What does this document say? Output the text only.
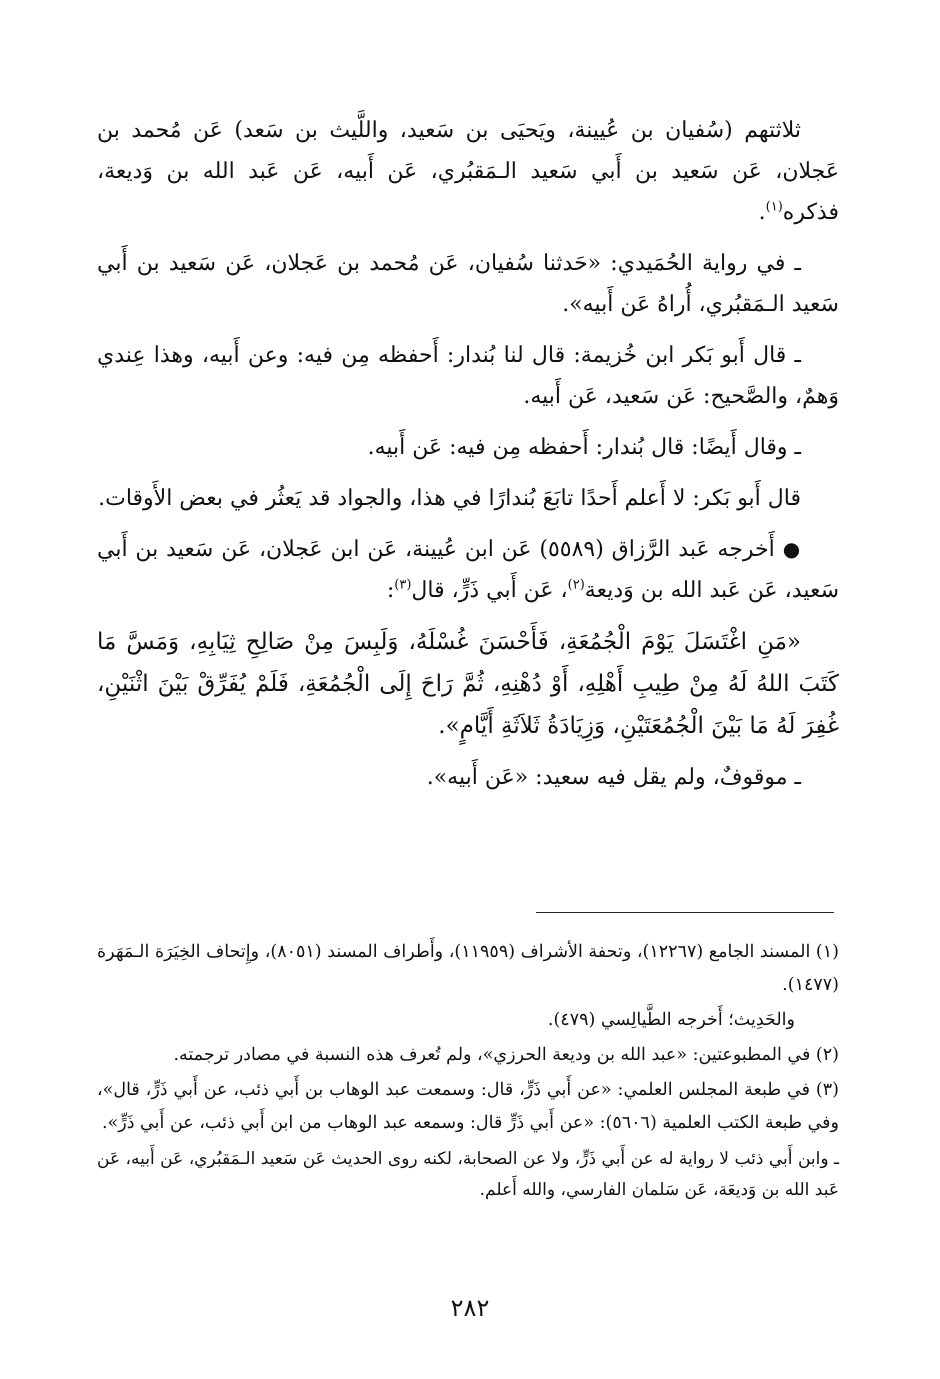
ثلاثتهم (سُفيان بن عُيينة، ويَحيَى بن سَعيد، واللَّيث بن سَعد) عَن مُحمد بن عَجلان، عَن سَعيد بن أَبي سَعيد الـمَقبُري، عَن أَبيه، عَن عَبد الله بن وَديعة، فذكره$^{(١)}$.

ـ في رواية الحُمَيدي: «حَدثنا سُفيان، عَن مُحمد بن عَجلان، عَن سَعيد بن أَبي سَعيد الـمَقبُري، أُراهُ عَن أَبيه».

ـ قال أَبو بَكر ابن خُزيمة: قال لنا بُندار: أَحفظه مِن فيه: وعن أَبيه، وهذا عِندي وَهمٌ، والصَّحيح: عَن سَعيد، عَن أَبيه.

ـ وقال أَيضًا: قال بُندار: أَحفظه مِن فيه: عَن أَبيه.

قال أَبو بَكر: لا أَعلم أَحدًا تابَعَ بُندارًا في هذا، والجواد قد يَعثُر في بعض الأَوقات.

●أَخرجه عَبد الرَّزاق (٥٥٨٩) عَن ابن عُيينة، عَن ابن عَجلان، عَن سَعيد بن أَبي سَعيد، عَن عَبد الله بن وَديعة$^{(٢)}$، عَن أَبي ذَرٍّ، قال$^{(٣)}$:

«مَنِ اغْتَسَلَ يَوْمَ الْجُمُعَةِ، فَأَحْسَنَ غُسْلَهُ، وَلَبِسَ مِنْ صَالِحِ ثِيَابِهِ، وَمَسَّ مَا كَتَبَ اللهُ لَهُ مِنْ طِيبِ أَهْلِهِ، أَوْ دُهْنِهِ، ثُمَّ رَاحَ إِلَى الْجُمُعَةِ، فَلَمْ يُفَرِّقْ بَيْنَ اثْنَيْنِ، غُفِرَ لَهُ مَا بَيْنَ الْجُمُعَتَيْنِ، وَزِيَادَةُ ثَلاَثَةِ أَيَّامٍ».

ـ موقوفٌ، ولم يقل فيه سعيد: «عَن أَبيه».

(١) المسند الجامع (١٢٢٦٧)، وتحفة الأشراف (١١٩٥٩)، وأَطراف المسند (٨٠٥١)، وإِتحاف الخِيَرَة الـمَهَرة (١٤٧٧).

والحَدِيث؛ أَخرجه الطَّيالِسي (٤٧٩).

(٢) في المطبوعتين: «عبد الله بن وديعة الحرزي»، ولم تُعرف هذه النسبة في مصادر ترجمته.

(٣) في طبعة المجلس العلمي: «عن أَبي ذَرٍّ، قال: وسمعت عبد الوهاب بن أَبي ذئب، عن أَبي ذَرٍّ، قال»، وفي طبعة الكتب العلمية (٥٦٠٦): «عن أَبي ذَرٍّ قال: وسمعه عبد الوهاب من ابن أَبي ذئب، عن أَبي ذَرٍّ».

ـ وابن أَبي ذئب لا رواية له عن أَبي ذَرٍّ، ولا عن الصحابة، لكنه روى الحديث عَن سَعيد الـمَقبُري، عَن أَبيه، عَن عَبد الله بن وَديعَة، عَن سَلمان الفارسي، والله أَعلم.

٢٨٢
